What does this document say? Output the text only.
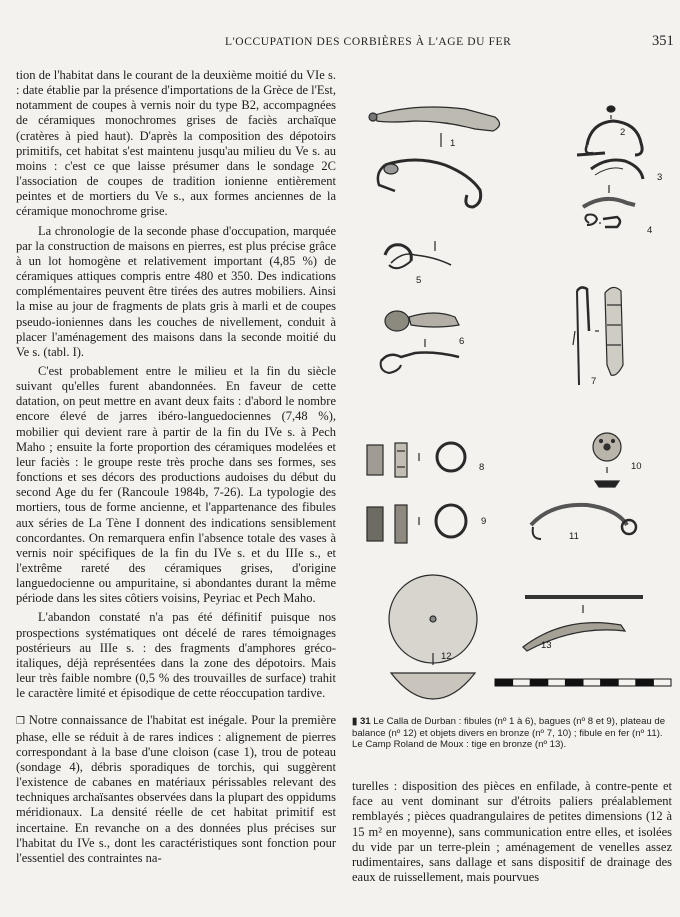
L'OCCUPATION DES CORBIÈRES À L'AGE DU FER	351

tion de l'habitat dans le courant de la deuxième moitié du VIe s. : date établie par la présence d'importations de la Grèce de l'Est, notamment de coupes à vernis noir du type B2, accompagnées de céramiques monochromes grises de faciès archaïque (cratères à pied haut). D'après la composition des dépotoirs primitifs, cet habitat s'est maintenu jusqu'au milieu du Ve s. au moins : c'est ce que laisse présumer dans le sondage 2C l'association de coupes de tradition ionienne entièrement peintes et de mortiers du Ve s., aux formes anciennes de la céramique monochrome grise.

La chronologie de la seconde phase d'occupation, marquée par la construction de maisons en pierres, est plus précise grâce à un lot homogène et relativement important (4,85 %) de céramiques attiques compris entre 480 et 350. Des indications complémentaires peuvent être tirées des autres mobiliers. Ainsi la mise au jour de fragments de plats gris à marli et de coupes pseudo-ioniennes dans les couches de nivellement, conduit à placer l'aménagement des maisons dans la seconde moitié du Ve s. (tabl. I).

C'est probablement entre le milieu et la fin du siècle suivant qu'elles furent abandonnées. En faveur de cette datation, on peut mettre en avant deux faits : d'abord le nombre encore élevé de jarres ibéro-languedociennes (7,48 %), mobilier qui devient rare à partir de la fin du IVe s. à Pech Maho ; ensuite la forte proportion des céramiques modelées et leur faciès : le groupe reste très proche dans ses formes, ses fonctions et ses décors des productions audoises du début du second Age du fer (Rancoule 1984b, 7-26). La typologie des mortiers, tous de forme ancienne, et l'appartenance des fibules aux séries de La Tène I donnent des indications sensiblement concordantes. On remarquera enfin l'absence totale des vases à vernis noir spécifiques de la fin du IVe s. et du IIIe s., et l'extrême rareté des céramiques grises, d'origine languedocienne ou ampuritaine, si abondantes durant la même période dans les sites côtiers voisins, Peyriac et Pech Maho.

L'abandon constaté n'a pas été définitif puisque nos prospections systématiques ont décelé de rares témoignages postérieurs au IIIe s. : des fragments d'amphores gréco-italiques, déjà représentées dans la zone des dépotoirs. Mais leur très faible nombre (0,5 % des trouvailles de surface) trahit le caractère limité et épisodique de cette réoccupation tardive.

❒ Notre connaissance de l'habitat est inégale. Pour la première phase, elle se réduit à de rares indices : alignement de pierres correspondant à la base d'une cloison (case 1), trou de poteau (sondage 4), débris sporadiques de torchis, qui suggèrent l'existence de cabanes en matériaux périssables relevant des techniques archaïsantes observées dans la plupart des oppidums méridionaux. La densité réelle de cet habitat primitif est incertaine. En revanche on a des données plus précises sur l'habitat du IVe s., dont les caractéristiques sont fonction pour l'essentiel des contraintes na-

1
2
3
4
5
6
7
8	10
9
11
12
13
▮ 31 Le Calla de Durban : fibules (nº 1 à 6), bagues (nº 8 et 9), plateau de balance (nº 12) et objets divers en bronze (nº 7, 10) ; fibule en fer (nº 11). Le Camp Roland de Moux : tige en bronze (nº 13).

turelles : disposition des pièces en enfilade, à contre-pente et face au vent dominant sur d'étroits paliers préalablement remblayés ; pièces quadrangulaires de petites dimensions (12 à 15 m² en moyenne), sans communication entre elles, et isolées du vide par un terre-plein ; aménagement de venelles assez rudimentaires, sans dallage et sans dispositif de drainage des eaux de ruissellement, mais pourvues
